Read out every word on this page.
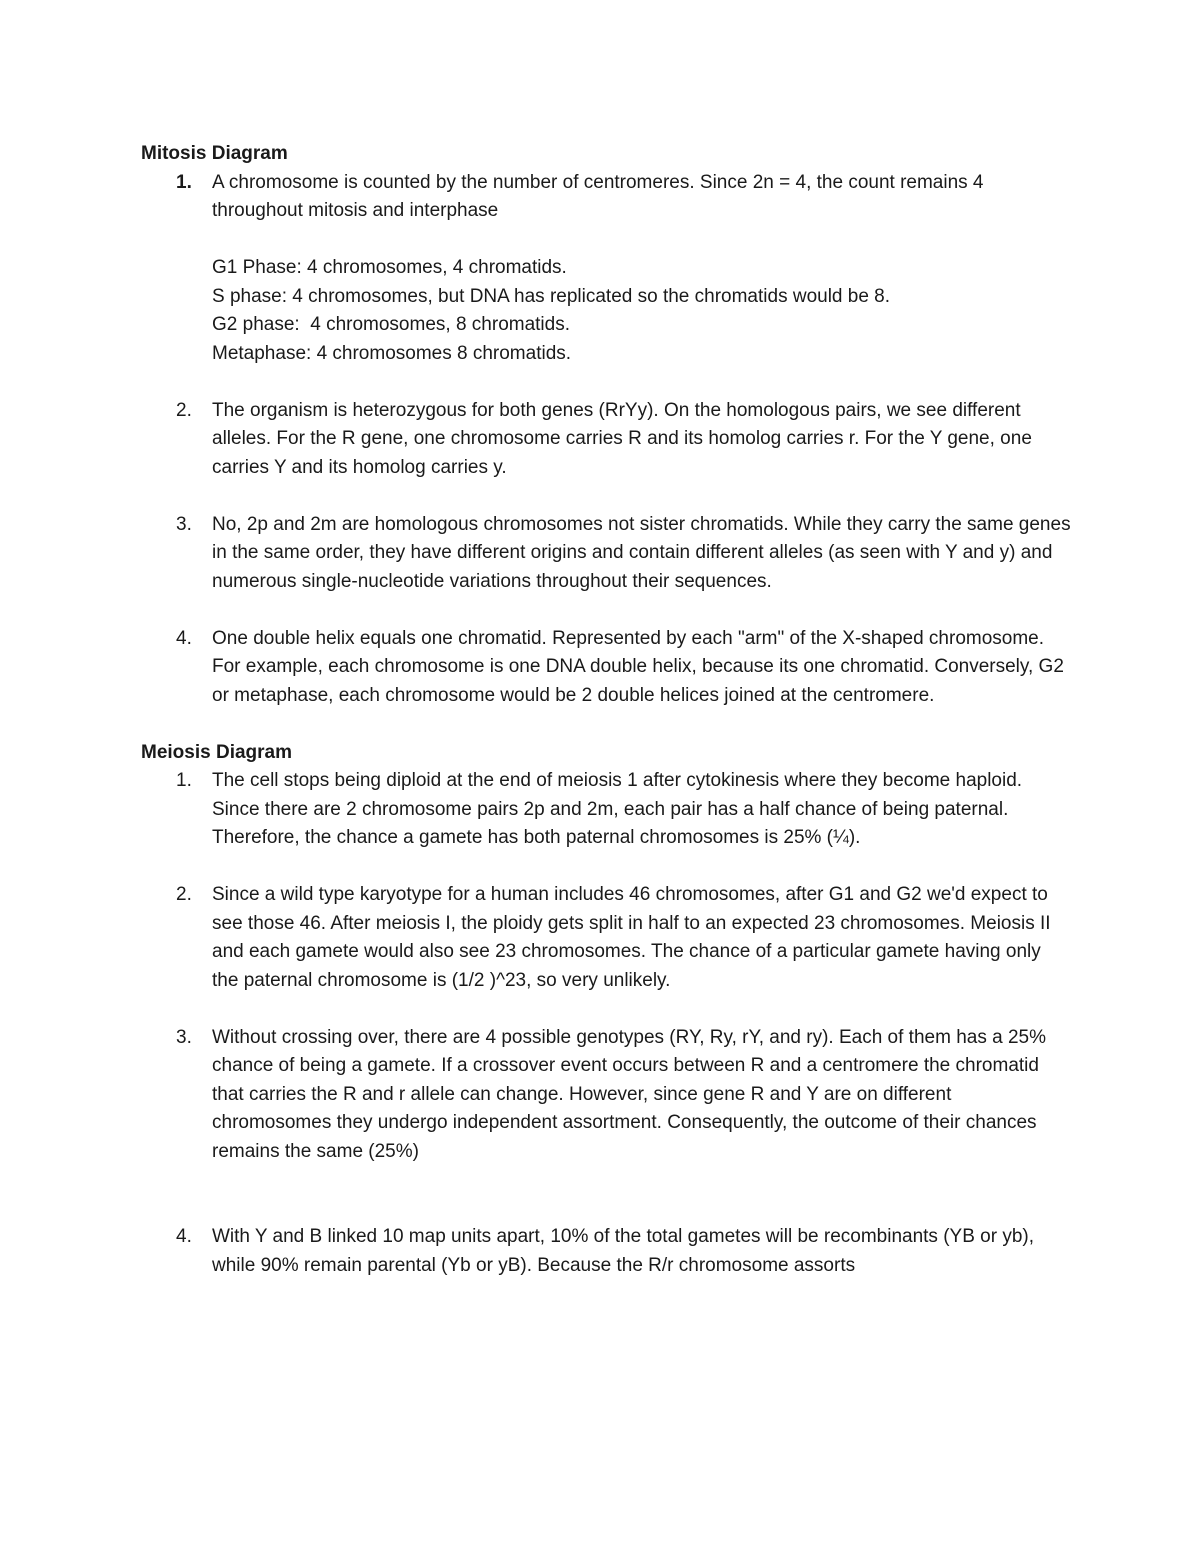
Mitosis Diagram
1. A chromosome is counted by the number of centromeres. Since 2n = 4, the count remains 4 throughout mitosis and interphase

G1 Phase: 4 chromosomes, 4 chromatids.
S phase: 4 chromosomes, but DNA has replicated so the chromatids would be 8.
G2 phase:  4 chromosomes, 8 chromatids.
Metaphase: 4 chromosomes 8 chromatids.
2. The organism is heterozygous for both genes (RrYy). On the homologous pairs, we see different alleles. For the R gene, one chromosome carries R and its homolog carries r. For the Y gene, one carries Y and its homolog carries y.

3. No, 2p and 2m are homologous chromosomes not sister chromatids. While they carry the same genes in the same order, they have different origins and contain different alleles (as seen with Y and y) and numerous single-nucleotide variations throughout their sequences.

4. One double helix equals one chromatid. Represented by each "arm" of the X-shaped chromosome. For example, each chromosome is one DNA double helix, because its one chromatid. Conversely, G2 or metaphase, each chromosome would be 2 double helices joined at the centromere.

Meiosis Diagram
1. The cell stops being diploid at the end of meiosis 1 after cytokinesis where they become haploid. Since there are 2 chromosome pairs 2p and 2m, each pair has a half chance of being paternal. Therefore, the chance a gamete has both paternal chromosomes is 25% (¼).

2. Since a wild type karyotype for a human includes 46 chromosomes, after G1 and G2 we'd expect to see those 46. After meiosis I, the ploidy gets split in half to an expected 23 chromosomes. Meiosis II and each gamete would also see 23 chromosomes. The chance of a particular gamete having only the paternal chromosome is (1/2 )^23, so very unlikely.

3. Without crossing over, there are 4 possible genotypes (RY, Ry, rY, and ry). Each of them has a 25% chance of being a gamete. If a crossover event occurs between R and a centromere the chromatid that carries the R and r allele can change. However, since gene R and Y are on different chromosomes they undergo independent assortment. Consequently, the outcome of their chances remains the same (25%)

4. With Y and B linked 10 map units apart, 10% of the total gametes will be recombinants (YB or yb), while 90% remain parental (Yb or yB). Because the R/r chromosome assorts
